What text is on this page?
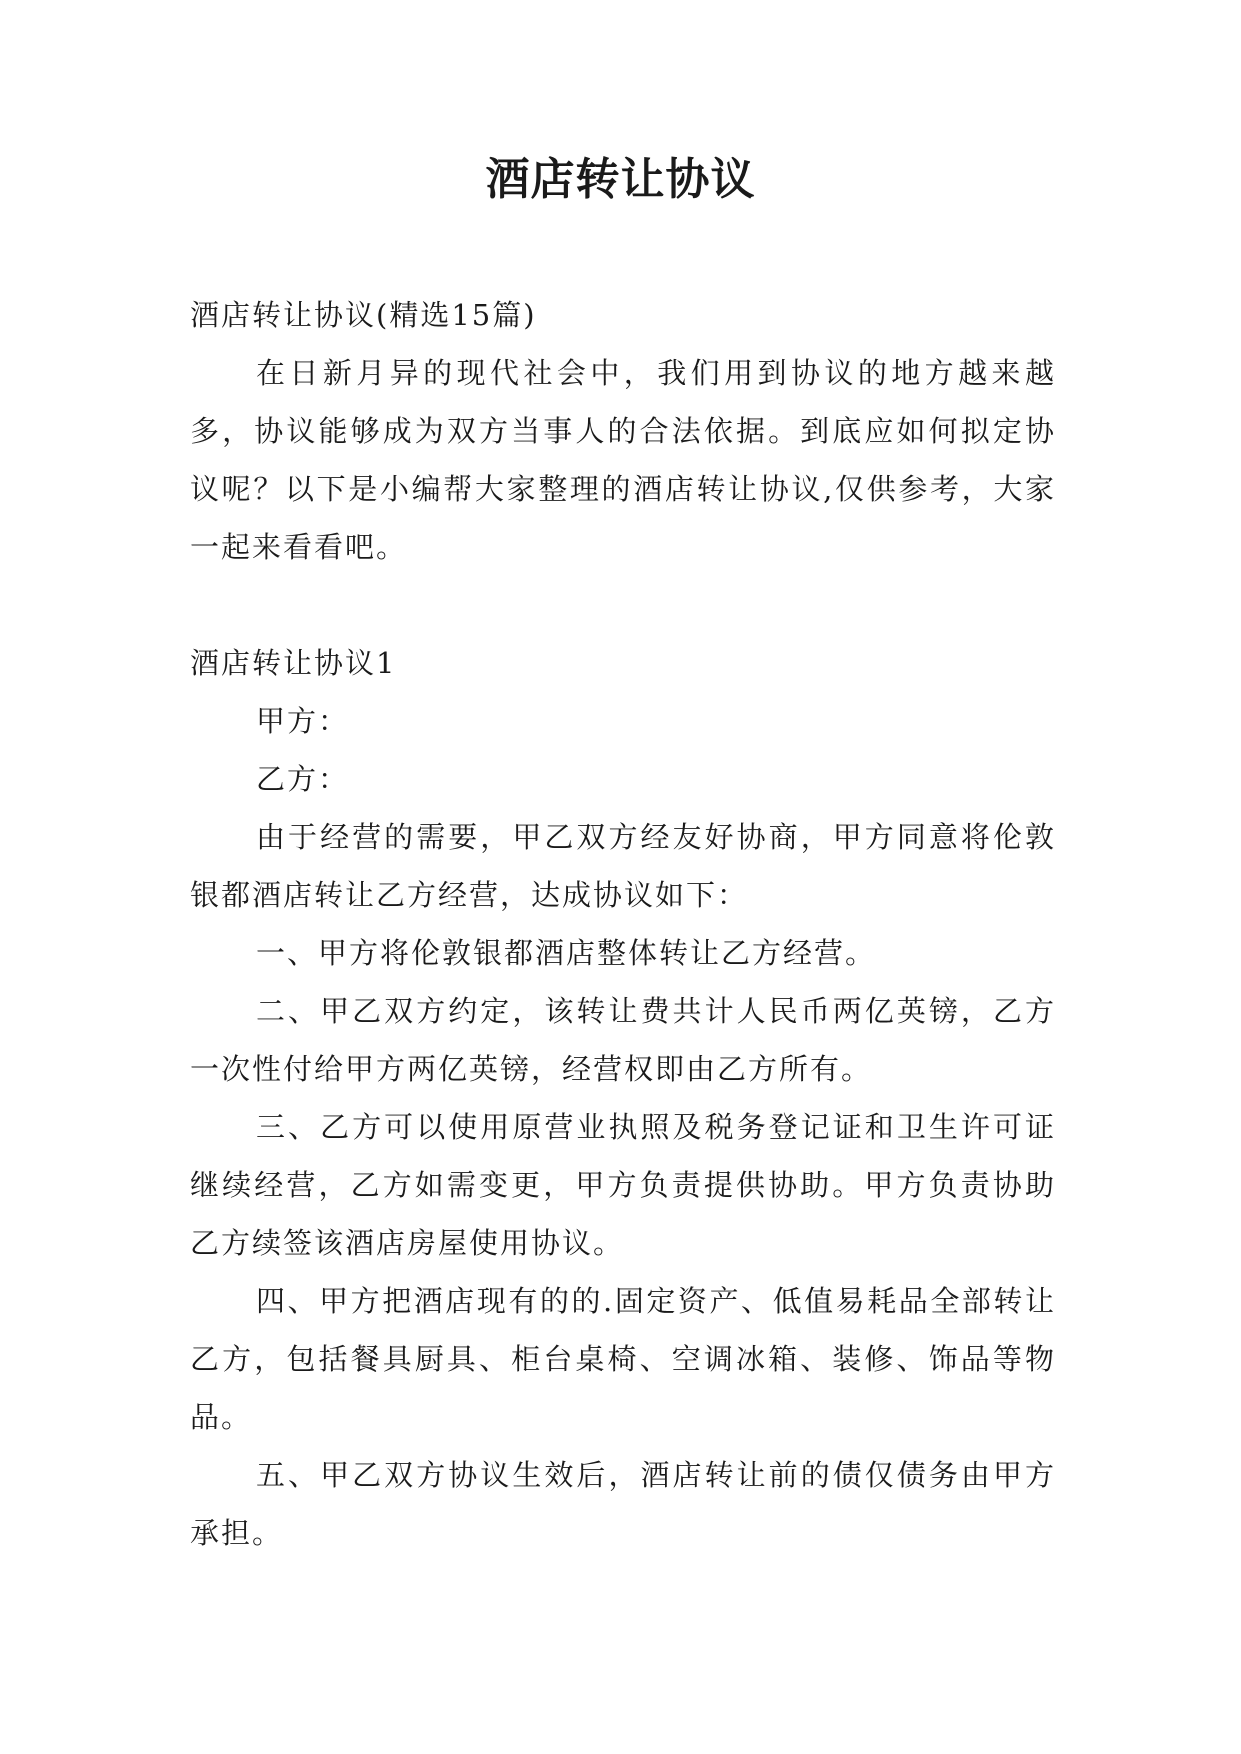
酒店转让协议

酒店转让协议(精选15篇)

在日新月异的现代社会中，我们用到协议的地方越来越多，协议能够成为双方当事人的合法依据。到底应如何拟定协议呢？以下是小编帮大家整理的酒店转让协议,仅供参考，大家一起来看看吧。

酒店转让协议1

甲方：

乙方：

由于经营的需要，甲乙双方经友好协商，甲方同意将伦敦银都酒店转让乙方经营，达成协议如下：

一、甲方将伦敦银都酒店整体转让乙方经营。

二、甲乙双方约定，该转让费共计人民币两亿英镑，乙方一次性付给甲方两亿英镑，经营权即由乙方所有。

三、乙方可以使用原营业执照及税务登记证和卫生许可证继续经营，乙方如需变更，甲方负责提供协助。甲方负责协助乙方续签该酒店房屋使用协议。

四、甲方把酒店现有的的.固定资产、低值易耗品全部转让乙方，包括餐具厨具、柜台桌椅、空调冰箱、装修、饰品等物品。

五、甲乙双方协议生效后，酒店转让前的债仅债务由甲方承担。
